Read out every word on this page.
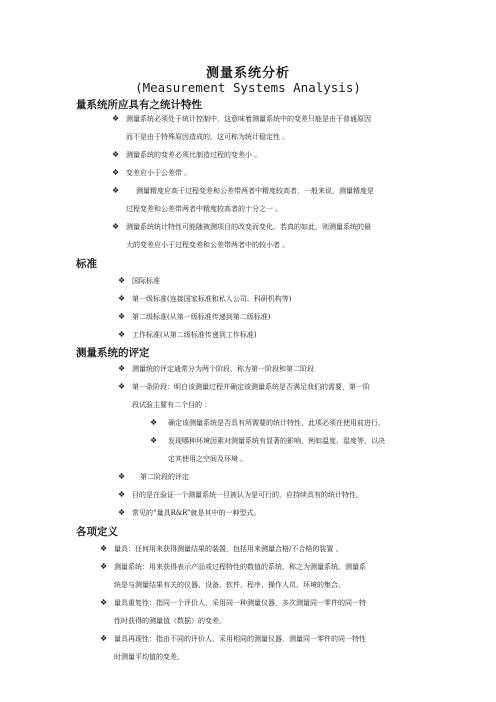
测量系统分析
(Measurement Systems Analysis)
量系统所应具有之统计特性
❖ 测量系统必须处于统计控制中，这意味着测量系统中的变差只能是由于普通原因
而不是由于特殊原因造成的。这可称为统计稳定性 。
❖ 测量系统的变差必须比制造过程的变差小 。
❖ 变差应小于公差带 。
❖ 测量精度应高于过程变差和公差带两者中精度较高者，一般来说，测量精度是
过程变差和公差带两者中精度较高者的十分之一 。
❖ 测量系统统计特性可能随被测项目的改变而变化。若真的如此，则测量系统的最
大的变差应小于过程变差和公差带两者中的较小者 。
标准
❖ 国际标准
❖ 第一级标准(连接国家标准和私人公司、科研机构等)
❖ 第二级标准(从第一级标准传递到第二级标准)
❖ 工作标准(从第二级标准传递到工作标准)
测量系统的评定
❖ 测量统的评定通常分为两个阶段，称为第一阶段和第二阶段
❖ 第一条阶段：明白该测量过程并确定该测量系统是否满足我们的需要，第一阶
段试验主要有二个目的 ：
❖ 确定该测量系统是否具有所需要的统计特性，此项必须在使用前进行。
❖ 发现哪种环境因素对测量系统有显著的影响，例如温度、湿度等，以决
定其使用之空间及环境 。
❖ 第二阶段的评定
❖ 目的是在验证一个测量系统一旦被认为是可行的，应持续具有的统计特性。
❖ 常见的“量具R&R”就是其中的一种型式。
各项定义
❖ 量具：任何用来获得测量结果的装置，包括用来测量合格/不合格的装置 。
❖ 测量系统：用来获得表示产品或过程特性的数值的系统，称之为测量系统。测量系
统是与测量结果有关的仪器、设备、软件、程序、操作人员、环境的集合。
❖ 量具重复性：指同一个评价人，采用同一种测量仪器，多次测量同一零件的同一特
性时获得的测量值（数据）的变差。
❖ 量具再现性：指由不同的评价人，采用相同的测量仪器，测量同一零件的同一特性
时测量平均值的变差。
